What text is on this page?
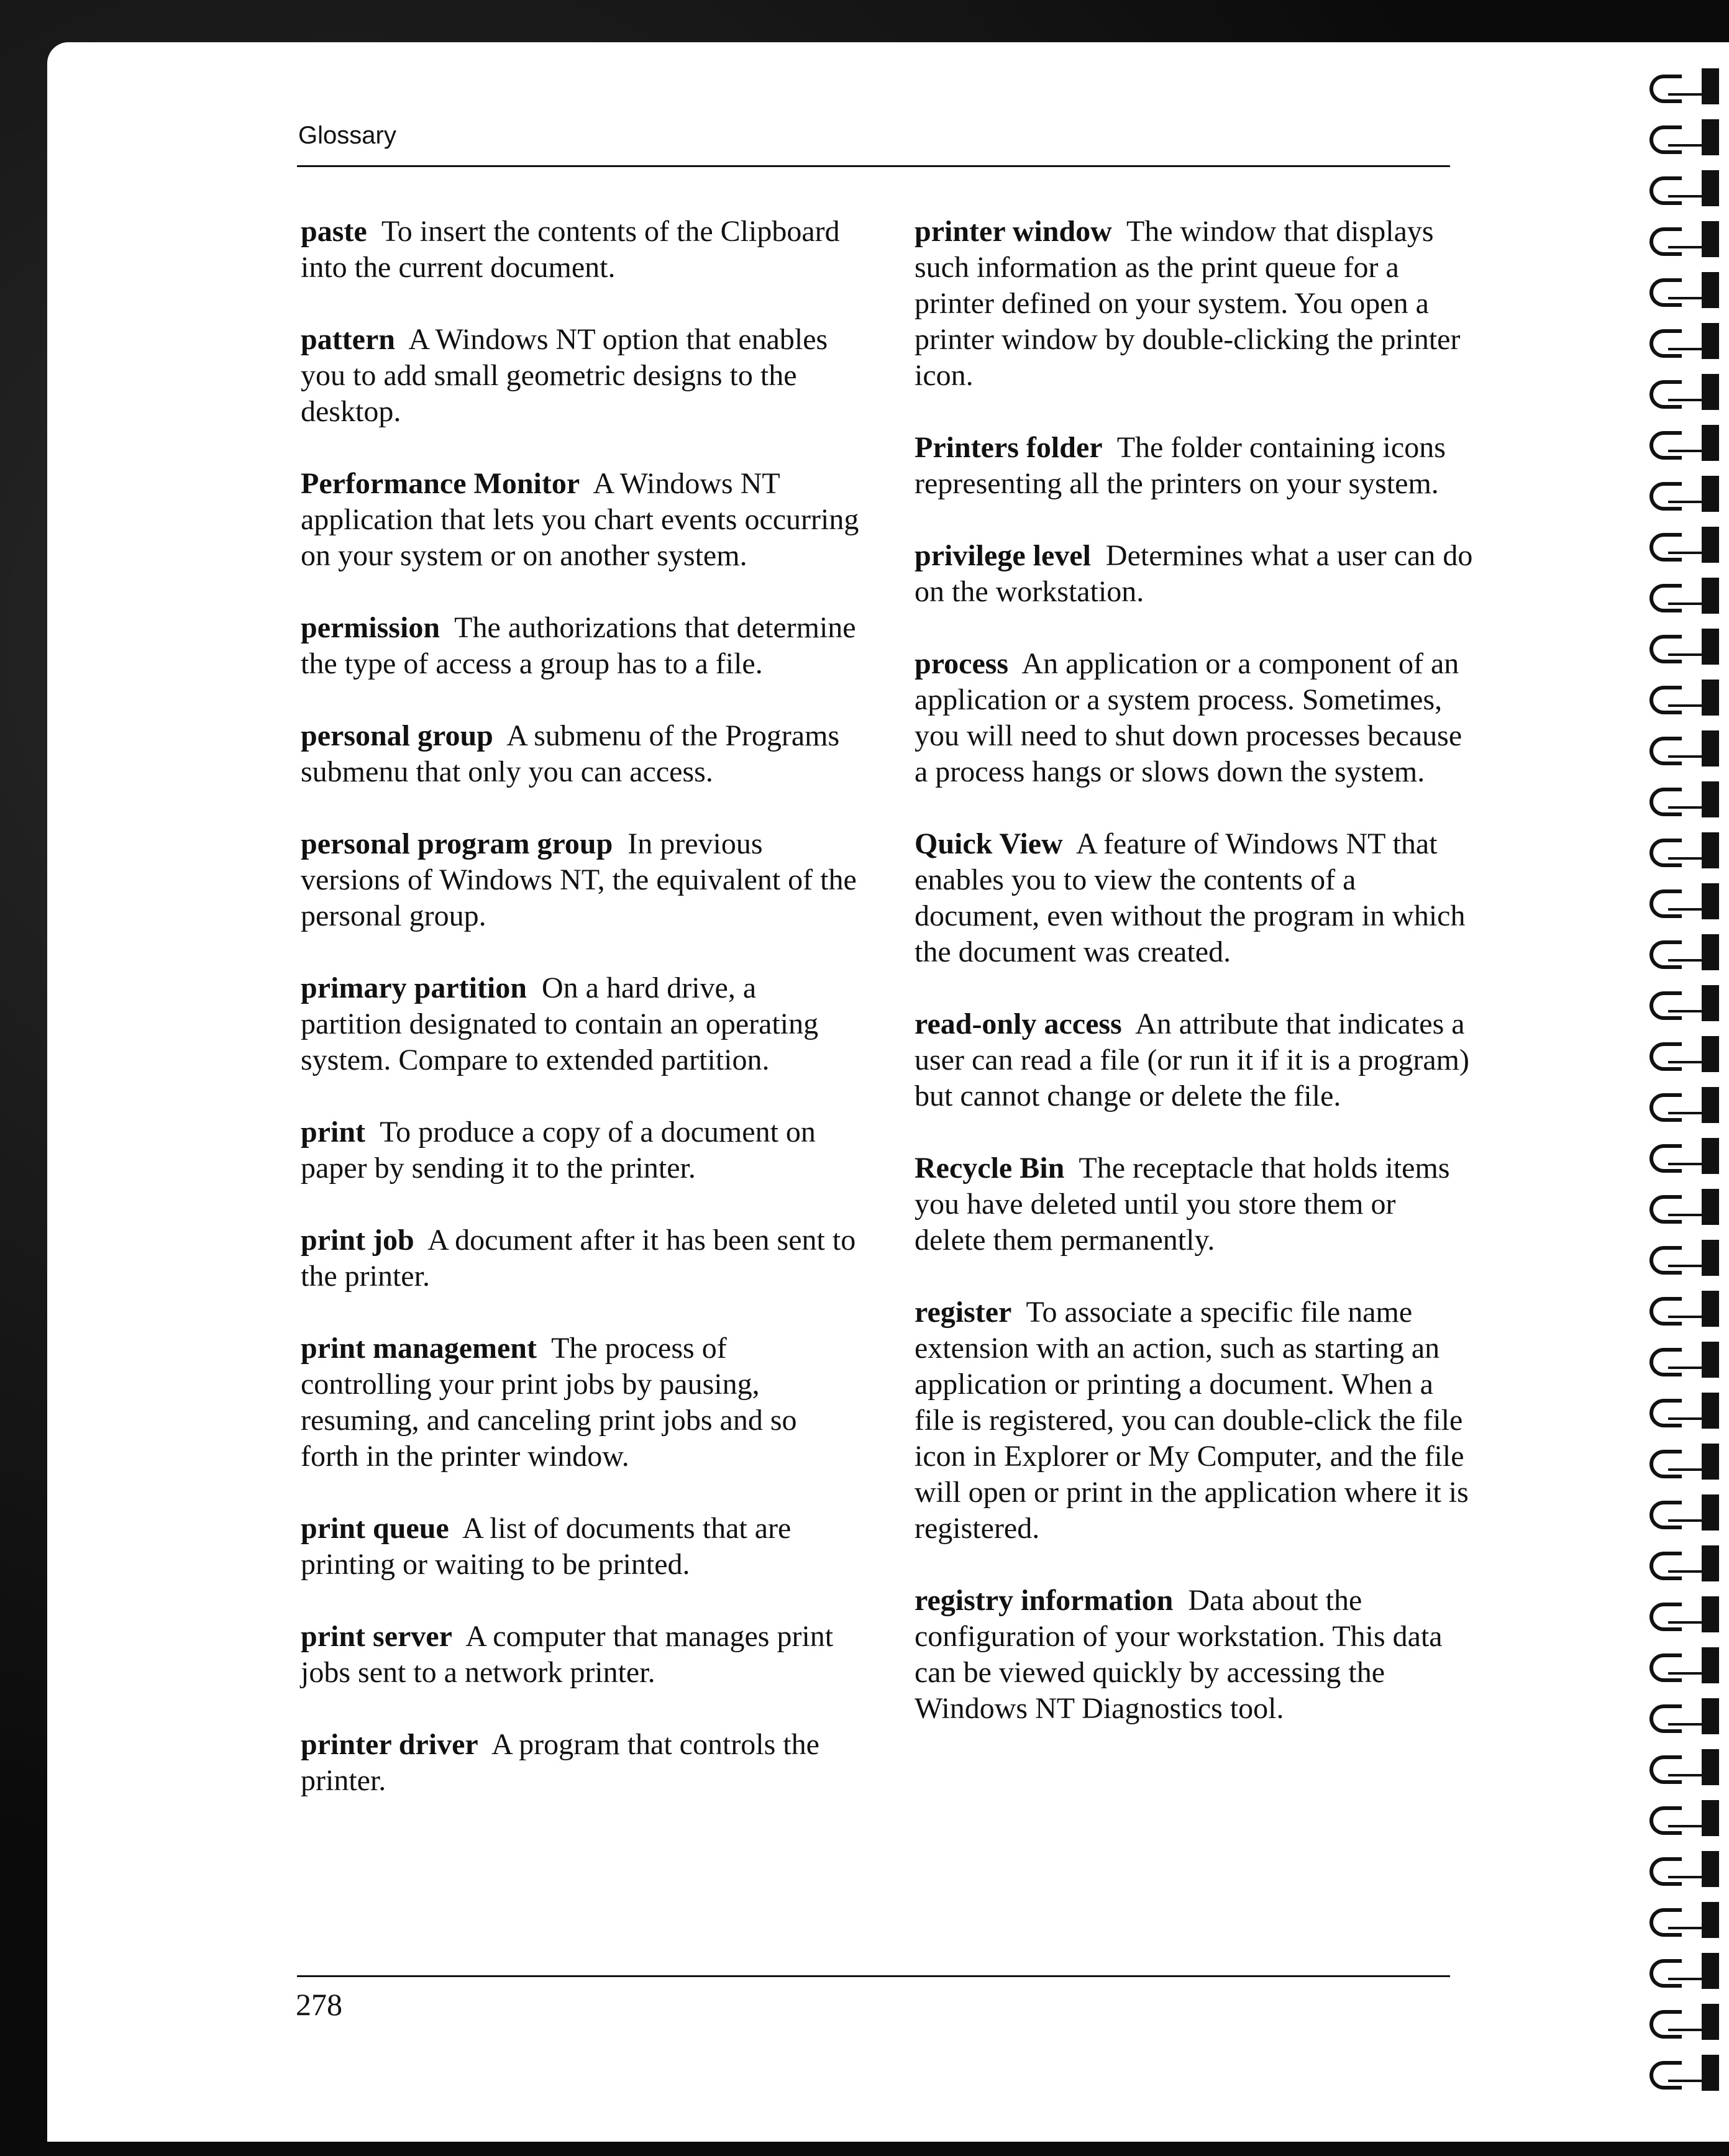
Glossary

paste To insert the contents of the Clipboard into the current document.

pattern A Windows NT option that enables you to add small geometric designs to the desktop.

Performance Monitor A Windows NT application that lets you chart events occurring on your system or on another system.

permission The authorizations that determine the type of access a group has to a file.

personal group A submenu of the Programs submenu that only you can access.

personal program group In previous versions of Windows NT, the equivalent of the personal group.

primary partition On a hard drive, a partition designated to contain an operating system. Compare to extended partition.

print To produce a copy of a document on paper by sending it to the printer.

print job A document after it has been sent to the printer.

print management The process of controlling your print jobs by pausing, resuming, and canceling print jobs and so forth in the printer window.

print queue A list of documents that are printing or waiting to be printed.

print server A computer that manages print jobs sent to a network printer.

printer driver A program that controls the printer.

printer window The window that displays such information as the print queue for a printer defined on your system. You open a printer window by double-clicking the printer icon.

Printers folder The folder containing icons representing all the printers on your system.

privilege level Determines what a user can do on the workstation.

process An application or a component of an application or a system process. Sometimes, you will need to shut down processes because a process hangs or slows down the system.

Quick View A feature of Windows NT that enables you to view the contents of a document, even without the program in which the document was created.

read-only access An attribute that indicates a user can read a file (or run it if it is a program) but cannot change or delete the file.

Recycle Bin The receptacle that holds items you have deleted until you store them or delete them permanently.

register To associate a specific file name extension with an action, such as starting an application or printing a document. When a file is registered, you can double-click the file icon in Explorer or My Computer, and the file will open or print in the application where it is registered.

registry information Data about the configuration of your workstation. This data can be viewed quickly by accessing the Windows NT Diagnostics tool.

278
